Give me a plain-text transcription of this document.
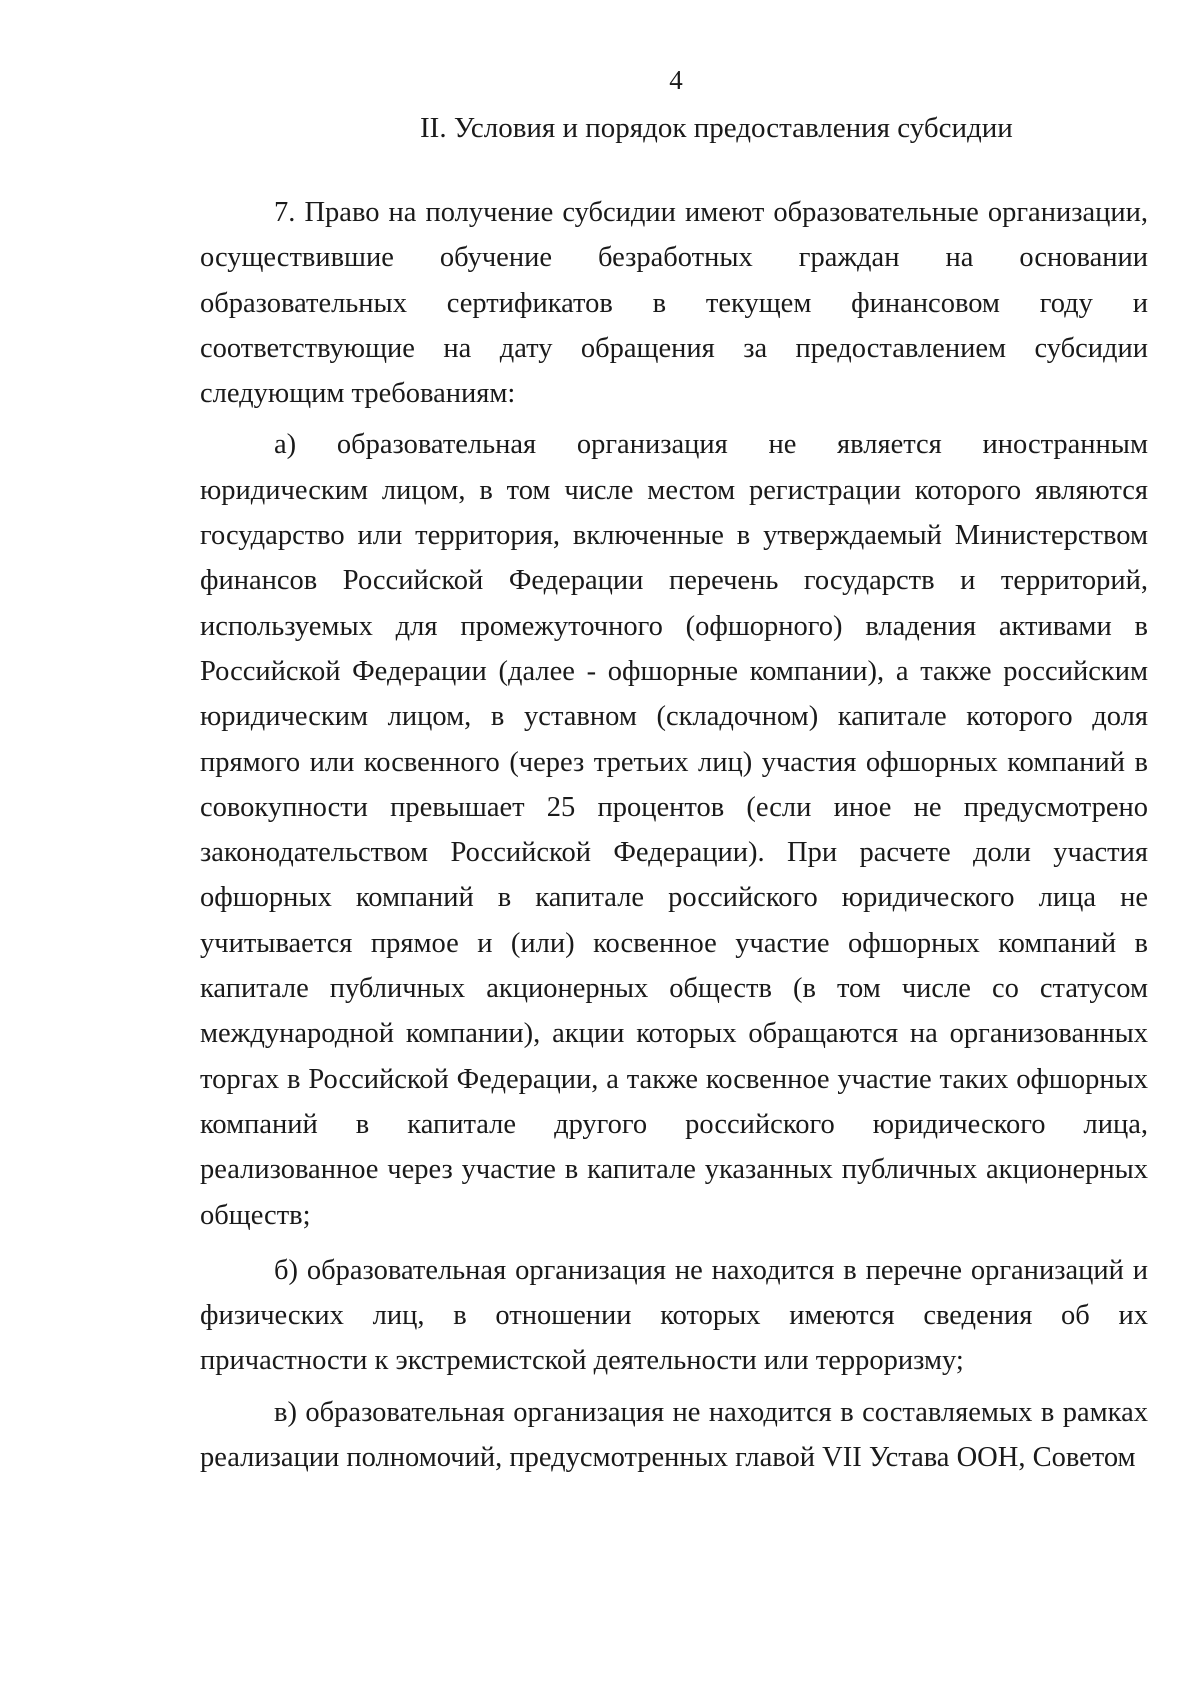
4
II. Условия и порядок предоставления субсидии

7. Право на получение субсидии имеют образовательные организации, осуществившие обучение безработных граждан на основании образовательных сертификатов в текущем финансовом году и соответствующие на дату обращения за предоставлением субсидии следующим требованиям:

а) образовательная организация не является иностранным юридическим лицом, в том числе местом регистрации которого являются государство или территория, включенные в утверждаемый Министерством финансов Российской Федерации перечень государств и территорий, используемых для промежуточного (офшорного) владения активами в Российской Федерации (далее - офшорные компании), а также российским юридическим лицом, в уставном (складочном) капитале которого доля прямого или косвенного (через третьих лиц) участия офшорных компаний в совокупности превышает 25 процентов (если иное не предусмотрено законодательством Российской Федерации). При расчете доли участия офшорных компаний в капитале российского юридического лица не учитывается прямое и (или) косвенное участие офшорных компаний в капитале публичных акционерных обществ (в том числе со статусом международной компании), акции которых обращаются на организованных торгах в Российской Федерации, а также косвенное участие таких офшорных компаний в капитале другого российского юридического лица, реализованное через участие в капитале указанных публичных акционерных обществ;

б) образовательная организация не находится в перечне организаций и физических лиц, в отношении которых имеются сведения об их причастности к экстремистской деятельности или терроризму;

в) образовательная организация не находится в составляемых в рамках реализации полномочий, предусмотренных главой VII Устава ООН, Советом
